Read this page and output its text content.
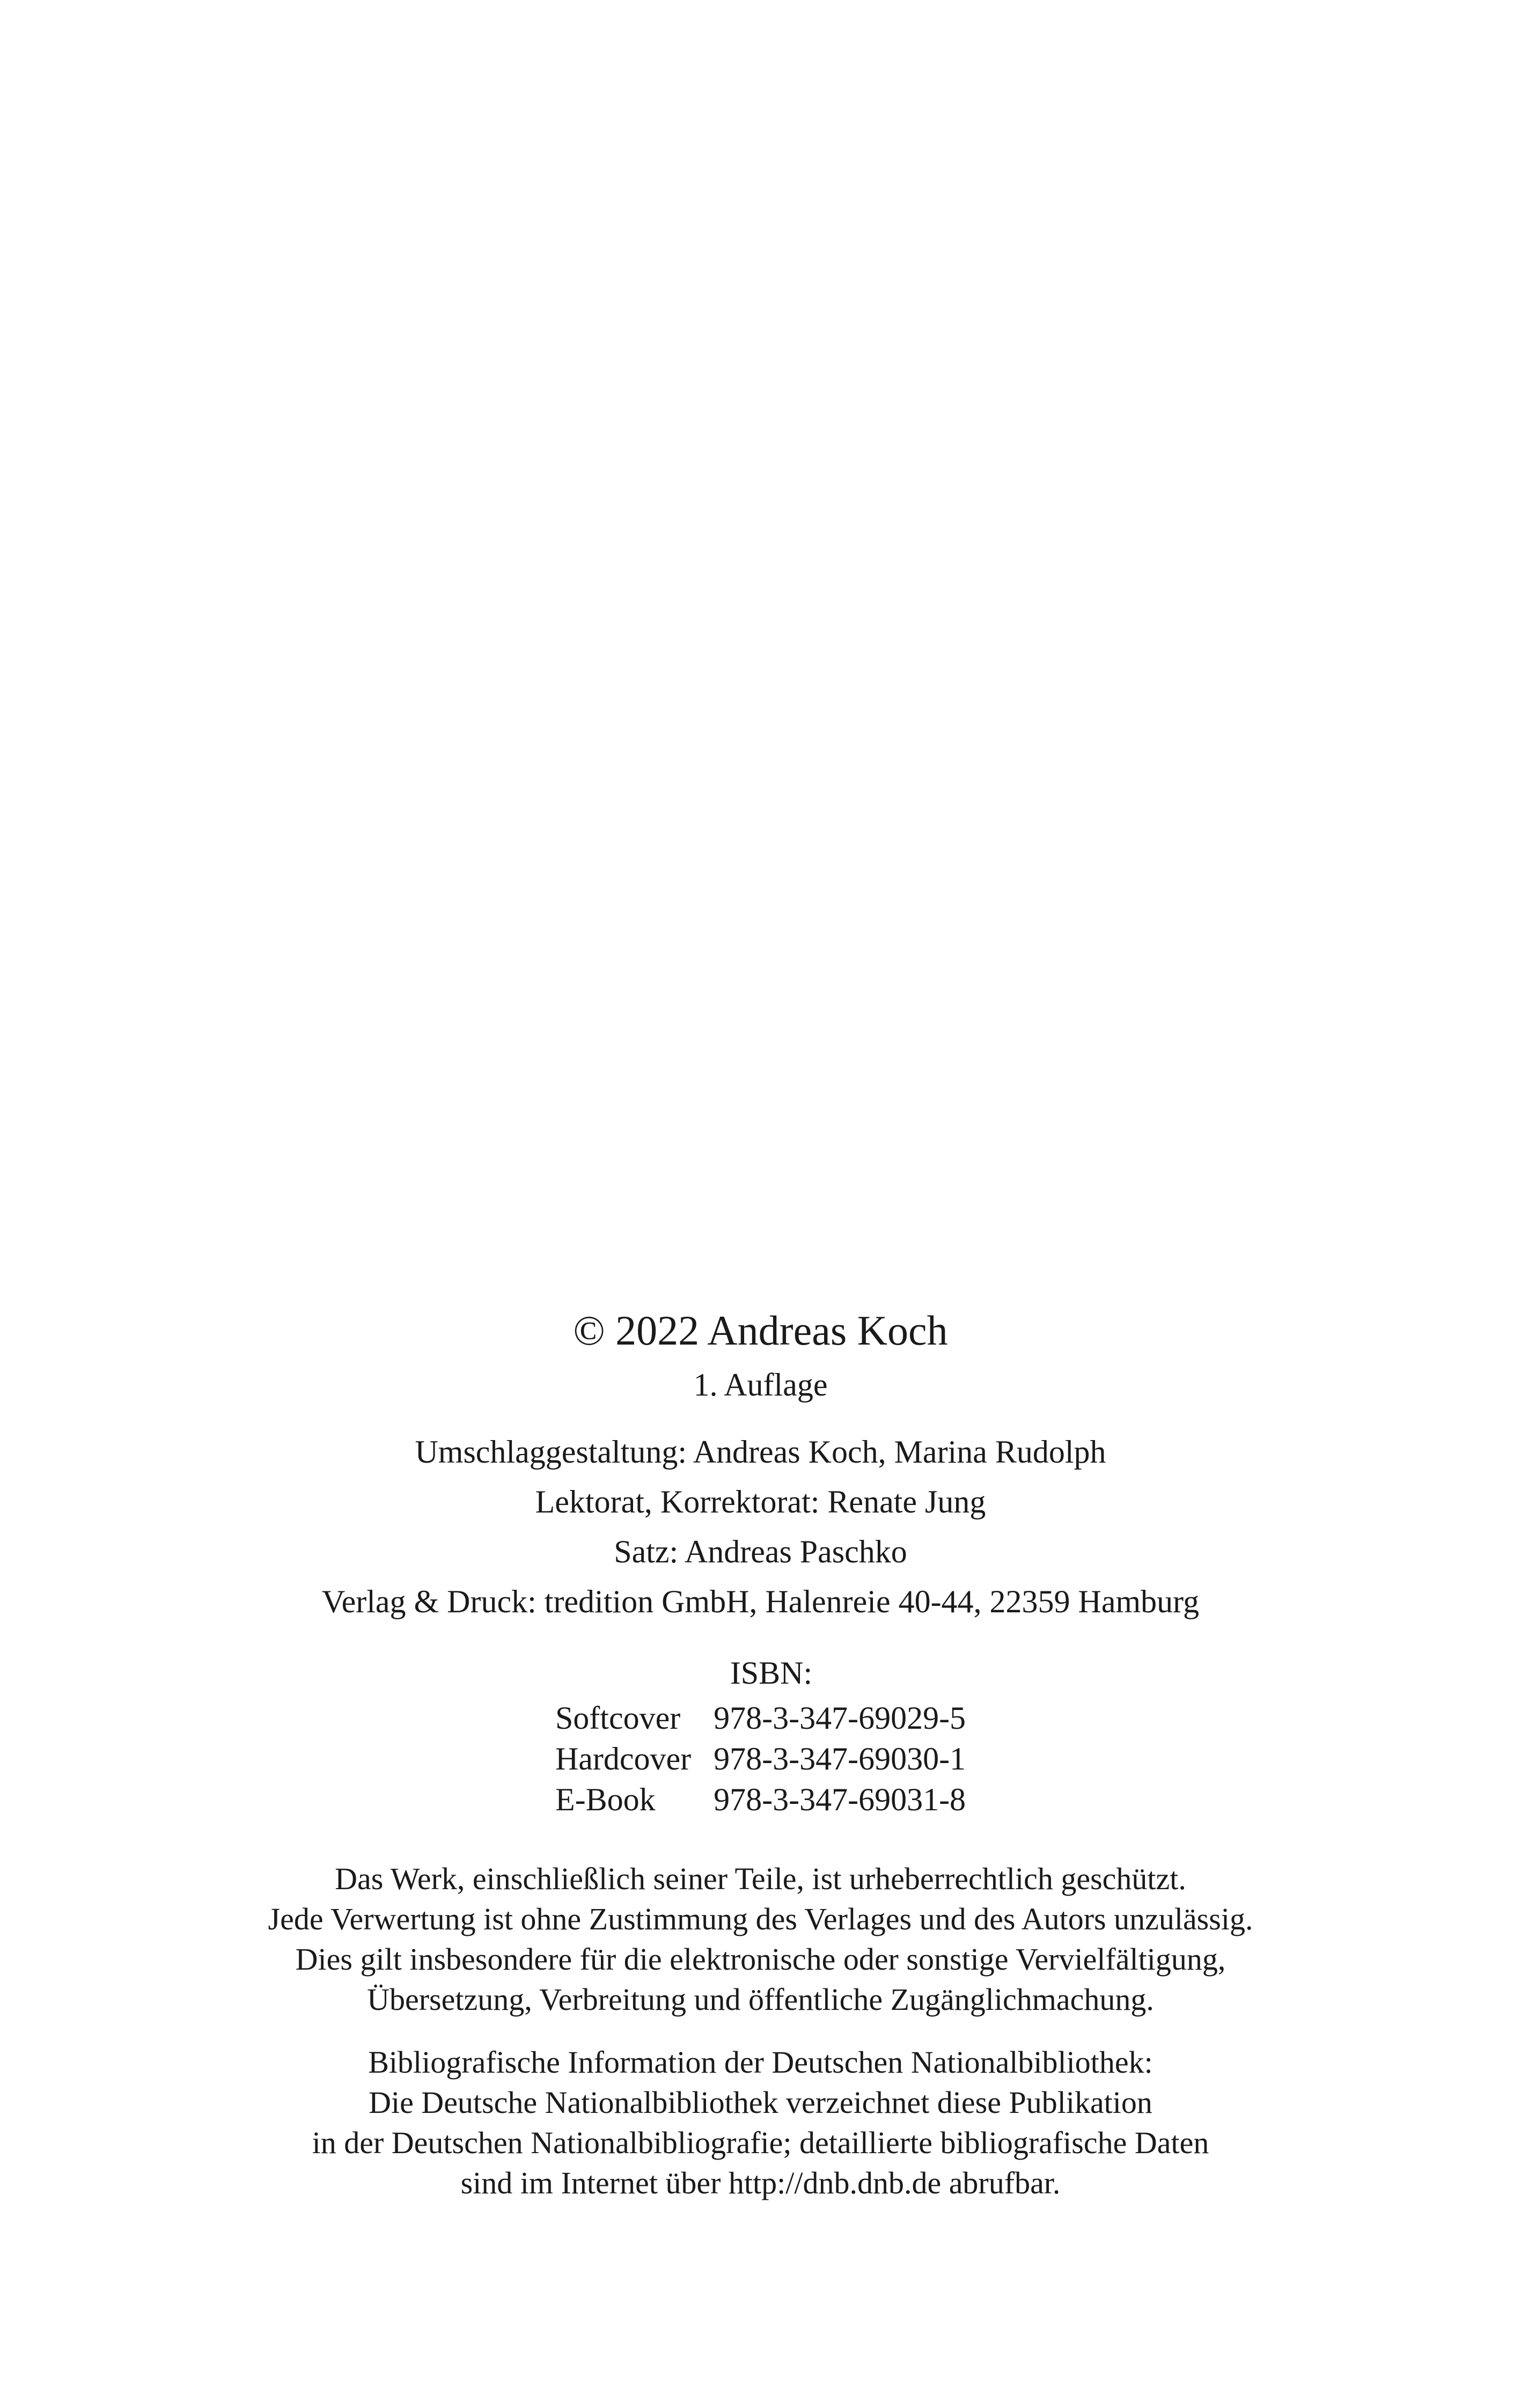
© 2022 Andreas Koch

1. Auflage

Umschlaggestaltung: Andreas Koch, Marina Rudolph
Lektorat, Korrektorat: Renate Jung
Satz: Andreas Paschko
Verlag & Druck: tredition GmbH, Halenreie 40-44, 22359 Hamburg
ISBN:
Softcover	978-3-347-69029-5
Hardcover	978-3-347-69030-1
E-Book	978-3-347-69031-8
Das Werk, einschließlich seiner Teile, ist urheberrechtlich geschützt.
Jede Verwertung ist ohne Zustimmung des Verlages und des Autors unzulässig.
Dies gilt insbesondere für die elektronische oder sonstige Vervielfältigung,
Übersetzung, Verbreitung und öffentliche Zugänglichmachung.
Bibliografische Information der Deutschen Nationalbibliothek:
Die Deutsche Nationalbibliothek verzeichnet diese Publikation
in der Deutschen Nationalbibliografie; detaillierte bibliografische Daten
sind im Internet über http://dnb.dnb.de abrufbar.
